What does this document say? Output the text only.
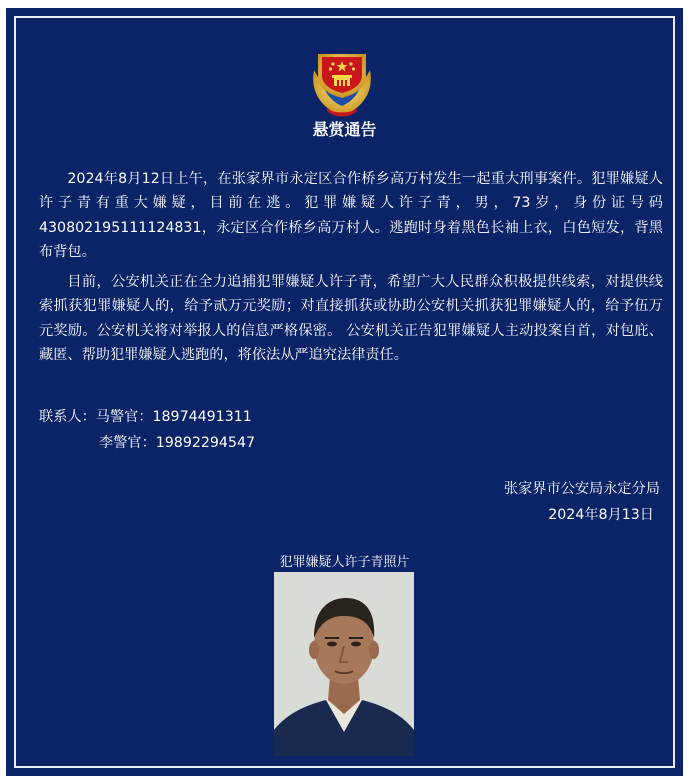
悬赏通告

2024年8月12日上午，在张家界市永定区合作桥乡高万村发生一起重大刑事案件。犯罪嫌疑人许子青有重大嫌疑，目前在逃。犯罪嫌疑人许子青，男，73岁，身份证号码430802195111124831，永定区合作桥乡高万村人。逃跑时身着黑色长袖上衣，白色短发，背黑布背包。

目前，公安机关正在全力追捕犯罪嫌疑人许子青，希望广大人民群众积极提供线索，对提供线索抓获犯罪嫌疑人的，给予贰万元奖励；对直接抓获或协助公安机关抓获犯罪嫌疑人的，给予伍万元奖励。公安机关将对举报人的信息严格保密。 公安机关正告犯罪嫌疑人主动投案自首，对包庇、藏匿、帮助犯罪嫌疑人逃跑的，将依法从严追究法律责任。

联系人：马警官：18974491311
李警官：19892294547
张家界市公安局永定分局
2024年8月13日
犯罪嫌疑人许子青照片
